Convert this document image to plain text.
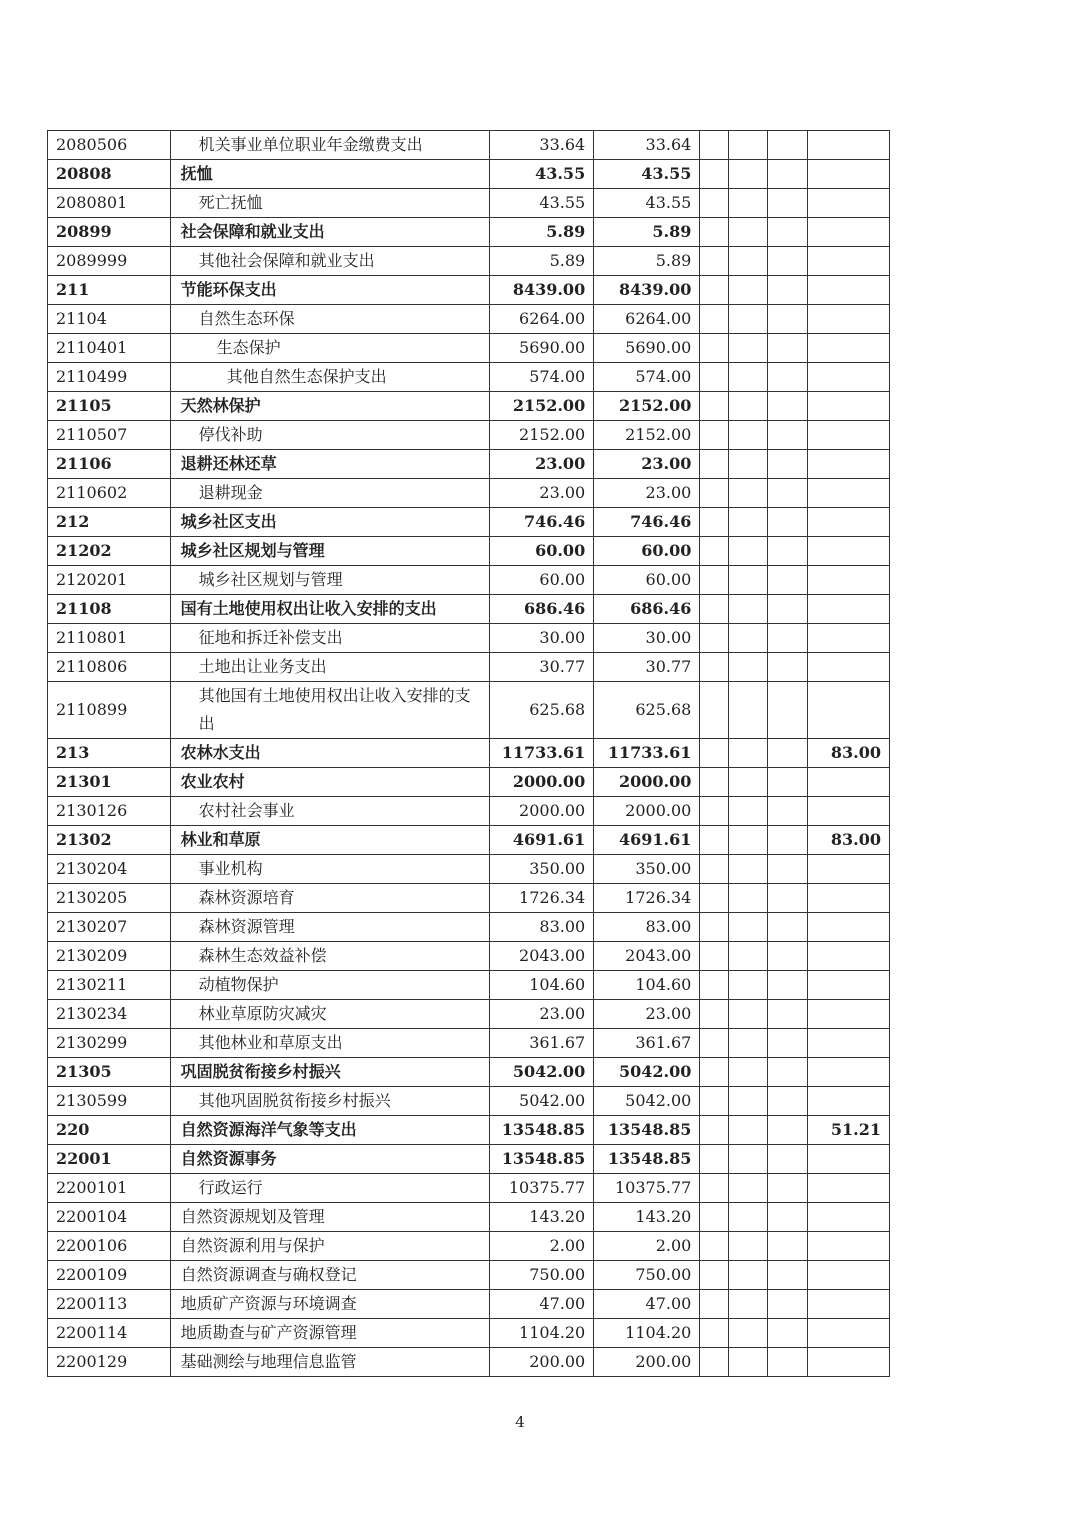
2080506	机关事业单位职业年金缴费支出	33.64	33.64				
20808	抚恤	43.55	43.55				
2080801	死亡抚恤	43.55	43.55				
20899	社会保障和就业支出	5.89	5.89				
2089999	其他社会保障和就业支出	5.89	5.89				
211	节能环保支出	8439.00	8439.00				
21104	自然生态环保	6264.00	6264.00				
2110401	生态保护	5690.00	5690.00				
2110499	其他自然生态保护支出	574.00	574.00				
21105	天然林保护	2152.00	2152.00				
2110507	停伐补助	2152.00	2152.00				
21106	退耕还林还草	23.00	23.00				
2110602	退耕现金	23.00	23.00				
212	城乡社区支出	746.46	746.46				
21202	城乡社区规划与管理	60.00	60.00				
2120201	城乡社区规划与管理	60.00	60.00				
21108	国有土地使用权出让收入安排的支出	686.46	686.46				
2110801	征地和拆迁补偿支出	30.00	30.00				
2110806	土地出让业务支出	30.77	30.77				
2110899	其他国有土地使用权出让收入安排的支出	625.68	625.68				
213	农林水支出	11733.61	11733.61				83.00
21301	农业农村	2000.00	2000.00				
2130126	农村社会事业	2000.00	2000.00				
21302	林业和草原	4691.61	4691.61				83.00
2130204	事业机构	350.00	350.00				
2130205	森林资源培育	1726.34	1726.34				
2130207	森林资源管理	83.00	83.00				
2130209	森林生态效益补偿	2043.00	2043.00				
2130211	动植物保护	104.60	104.60				
2130234	林业草原防灾减灾	23.00	23.00				
2130299	其他林业和草原支出	361.67	361.67				
21305	巩固脱贫衔接乡村振兴	5042.00	5042.00				
2130599	其他巩固脱贫衔接乡村振兴	5042.00	5042.00				
220	自然资源海洋气象等支出	13548.85	13548.85				51.21
22001	自然资源事务	13548.85	13548.85				
2200101	行政运行	10375.77	10375.77				
2200104	自然资源规划及管理	143.20	143.20				
2200106	自然资源利用与保护	2.00	2.00				
2200109	自然资源调查与确权登记	750.00	750.00				
2200113	地质矿产资源与环境调查	47.00	47.00				
2200114	地质勘查与矿产资源管理	1104.20	1104.20				
2200129	基础测绘与地理信息监管	200.00	200.00				
4
